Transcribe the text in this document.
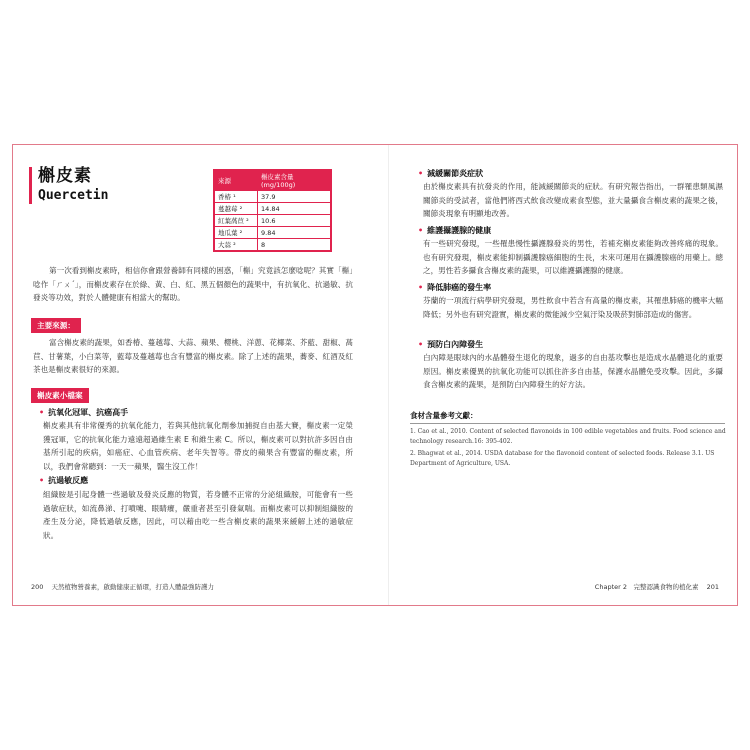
槲皮素
Quercetin
來源	槲皮素含量 (mg/100g)
香椿 ¹	37.9
蔓越莓 ²	14.84
紅葉萵苣 ²	10.6
地瓜葉 ²	9.84
大蒜 ²	8
第一次看到槲皮素時，相信你會跟營養師有同樣的困惑，「槲」究竟該怎麼唸呢？其實「槲」唸作「ㄏㄨˊ」，而槲皮素存在於綠、黃、白、紅、黑五個顏色的蔬果中，有抗氧化、抗過敏、抗發炎等功效，對於人體健康有相當大的幫助。
主要來源：
富含槲皮素的蔬果，如香椿、蔓越莓、大蒜、蘋果、櫻桃、洋蔥、花椰菜、芥藍、甜椒、萵苣、甘薯葉，小白菜等，藍莓及蔓越莓也含有豐富的槲皮素。除了上述的蔬果，蕎麥、紅酒及紅茶也是槲皮素很好的來源。
槲皮素小檔案
• 抗氧化冠軍、抗癌高手
槲皮素具有非常優秀的抗氧化能力，若與其他抗氧化劑參加捕捉自由基大賽，槲皮素一定榮獲冠軍，它的抗氧化能力遠遠超過維生素 E 和維生素 C。所以，槲皮素可以對抗許多因自由基所引起的疾病，如癌症、心血管疾病、老年失智等。帶皮的蘋果含有豐富的槲皮素，所以，我們會常聽到：一天一蘋果，醫生沒工作！
• 抗過敏反應
組織胺是引起身體一些過敏及發炎反應的物質，若身體不正常的分泌組織胺，可能會有一些過敏症狀，如流鼻涕、打噴嚏、眼睛癢，嚴重者甚至引發氣喘。而槲皮素可以抑制組織胺的產生及分泌，降低過敏反應，因此，可以藉由吃一些含槲皮素的蔬果來緩解上述的過敏症狀。
200 天然植物營養素，啟動健康正循環，打造人體最強防護力
• 減緩關節炎症狀
由於槲皮素具有抗發炎的作用，能減緩關節炎的症狀。有研究報告指出，一群罹患類風濕關節炎的受試者，當他們將西式飲食改變成素食型態，並大量攝食含槲皮素的蔬果之後，關節炎現象有明顯地改善。
• 維護攝護腺的健康
有一些研究發現，一些罹患慢性攝護腺發炎的男性，若補充槲皮素能夠改善疼痛的現象。也有研究發現，槲皮素能抑制攝護腺癌細胞的生長，未來可運用在攝護腺癌的用藥上。總之，男性若多攝食含槲皮素的蔬果，可以維護攝護腺的健康。
• 降低肺癌的發生率
芬蘭的一項流行病學研究發現，男性飲食中若含有高量的槲皮素，其罹患肺癌的機率大幅降低；另外也有研究證實，槲皮素的微能減少空氣汙染及吸菸對肺部造成的傷害。
• 預防白內障發生
白內障是眼球內的水晶體發生退化的現象，過多的自由基攻擊也是造成水晶體退化的重要原因。槲皮素優異的抗氧化功能可以抓住許多自由基，保護水晶體免受攻擊。因此，多攝食含槲皮素的蔬果，是預防白內障發生的好方法。
食材含量參考文獻：
1. Cao et al., 2010. Content of selected flavonoids in 100 edible vegetables and fruits. Food science and technology research.16: 395-402.
2. Bhagwat et al., 2014. USDA database for the flavonoid content of selected foods. Release 3.1. US Department of Agriculture, USA.
Chapter 2　完整認識食物的植化素 201
